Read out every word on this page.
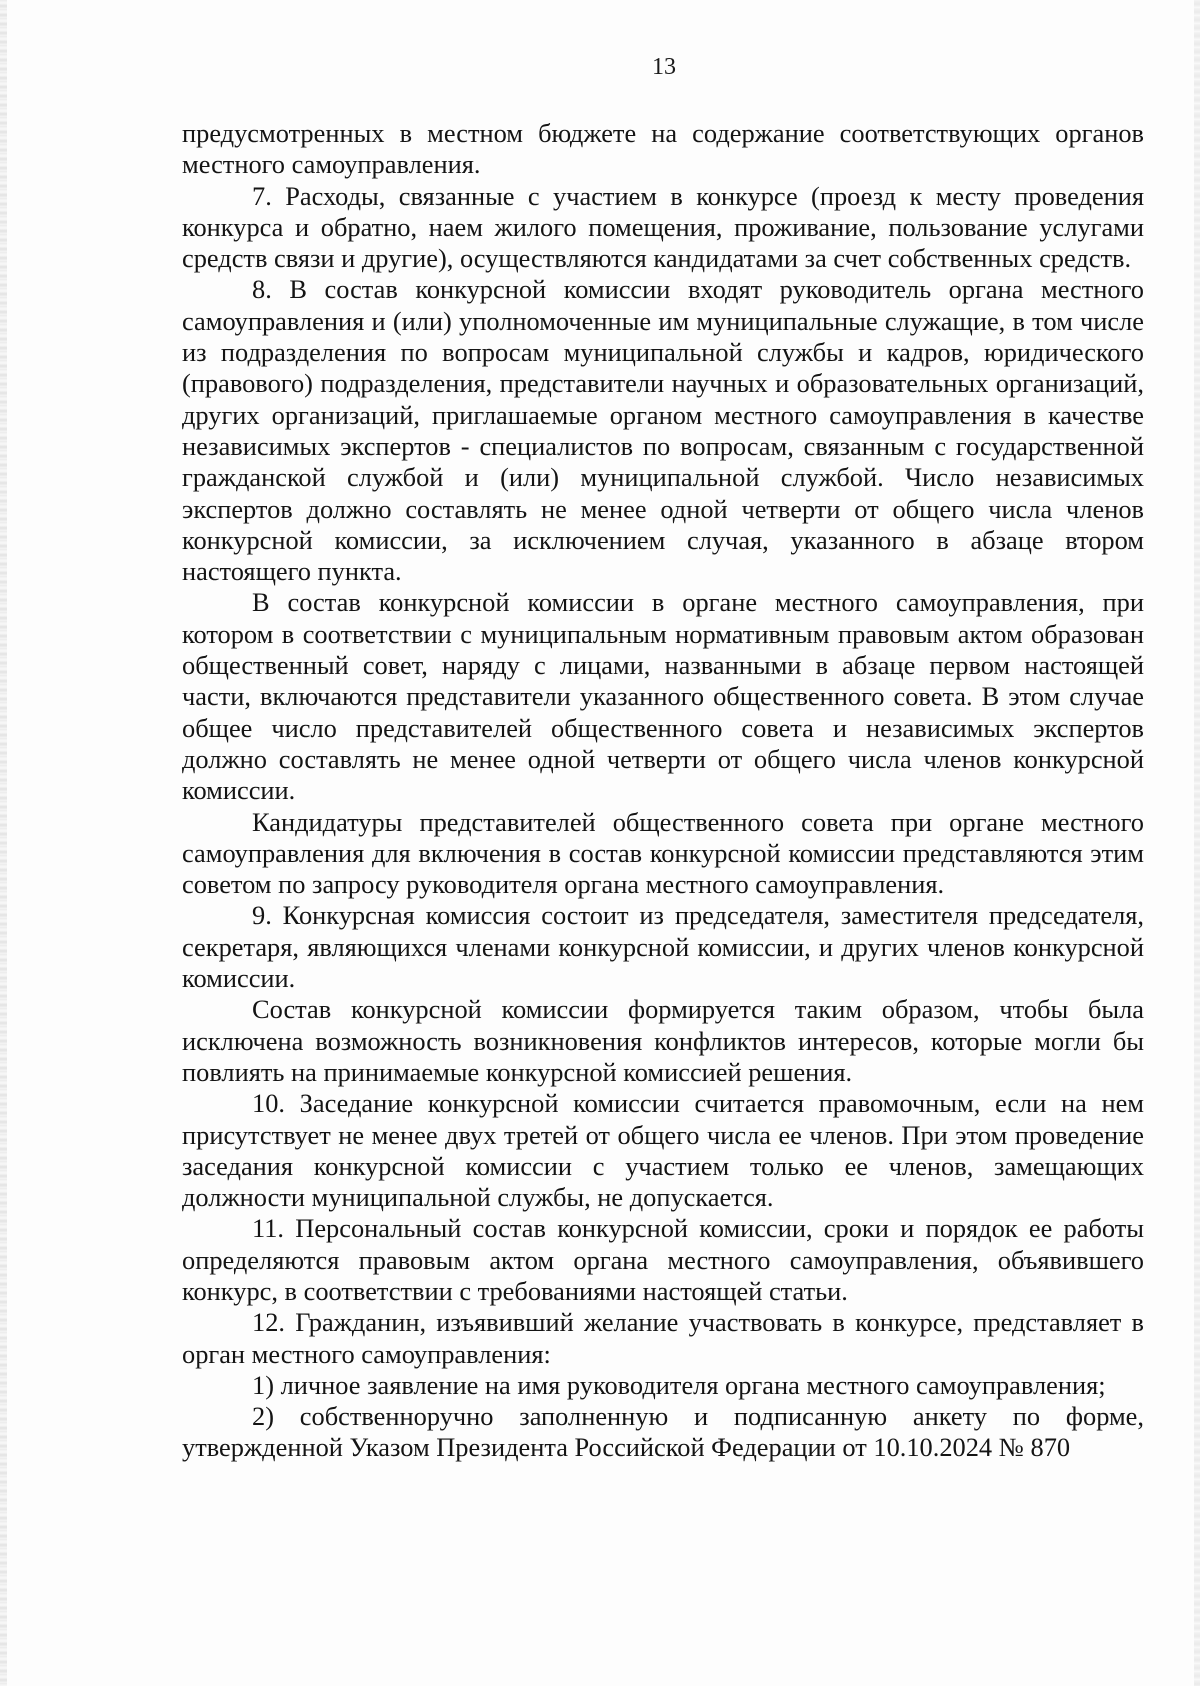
13

предусмотренных в местном бюджете на содержание соответствующих органов местного самоуправления.

7. Расходы, связанные с участием в конкурсе (проезд к месту проведения конкурса и обратно, наем жилого помещения, проживание, пользование услугами средств связи и другие), осуществляются кандидатами за счет собственных средств.

8. В состав конкурсной комиссии входят руководитель органа местного самоуправления и (или) уполномоченные им муниципальные служащие, в том числе из подразделения по вопросам муниципальной службы и кадров, юридического (правового) подразделения, представители научных и образовательных организаций, других организаций, приглашаемые органом местного самоуправления в качестве независимых экспертов - специалистов по вопросам, связанным с государственной гражданской службой и (или) муниципальной службой. Число независимых экспертов должно составлять не менее одной четверти от общего числа членов конкурсной комиссии, за исключением случая, указанного в абзаце втором настоящего пункта.

В состав конкурсной комиссии в органе местного самоуправления, при котором в соответствии с муниципальным нормативным правовым актом образован общественный совет, наряду с лицами, названными в абзаце первом настоящей части, включаются представители указанного общественного совета. В этом случае общее число представителей общественного совета и независимых экспертов должно составлять не менее одной четверти от общего числа членов конкурсной комиссии.

Кандидатуры представителей общественного совета при органе местного самоуправления для включения в состав конкурсной комиссии представляются этим советом по запросу руководителя органа местного самоуправления.

9. Конкурсная комиссия состоит из председателя, заместителя председателя, секретаря, являющихся членами конкурсной комиссии, и других членов конкурсной комиссии.

Состав конкурсной комиссии формируется таким образом, чтобы была исключена возможность возникновения конфликтов интересов, которые могли бы повлиять на принимаемые конкурсной комиссией решения.

10. Заседание конкурсной комиссии считается правомочным, если на нем присутствует не менее двух третей от общего числа ее членов. При этом проведение заседания конкурсной комиссии с участием только ее членов, замещающих должности муниципальной службы, не допускается.

11. Персональный состав конкурсной комиссии, сроки и порядок ее работы определяются правовым актом органа местного самоуправления, объявившего конкурс, в соответствии с требованиями настоящей статьи.

12. Гражданин, изъявивший желание участвовать в конкурсе, представляет в орган местного самоуправления:

1) личное заявление на имя руководителя органа местного самоуправления;

2) собственноручно заполненную и подписанную анкету по форме, утвержденной Указом Президента Российской Федерации от 10.10.2024 № 870
